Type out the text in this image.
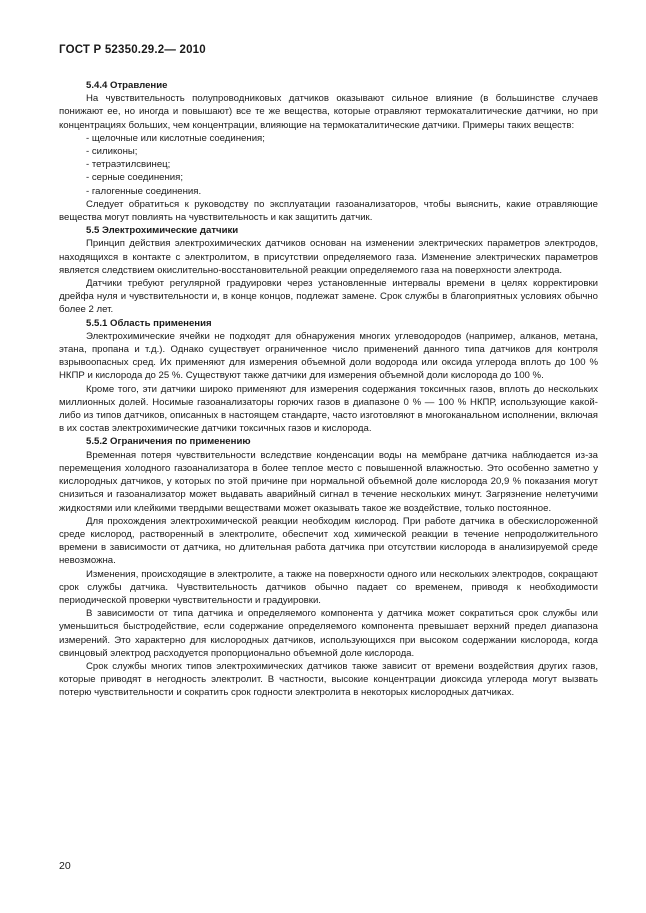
ГОСТ Р 52350.29.2— 2010
5.4.4 Отравление

На чувствительность полупроводниковых датчиков оказывают сильное влияние (в большинстве случаев понижают ее, но иногда и повышают) все те же вещества, которые отравляют термокаталитические датчики, но при концентрациях больших, чем концентрации, влияющие на термокаталитические датчики. Примеры таких веществ:

- щелочные или кислотные соединения;
- силиконы;
- тетраэтилсвинец;
- серные соединения;
- галогенные соединения.

Следует обратиться к руководству по эксплуатации газоанализаторов, чтобы выяснить, какие отравляющие вещества могут повлиять на чувствительность и как защитить датчик.

5.5 Электрохимические датчики

Принцип действия электрохимических датчиков основан на изменении электрических параметров электродов, находящихся в контакте с электролитом, в присутствии определяемого газа. Изменение электрических параметров является следствием окислительно-восстановительной реакции определяемого газа на поверхности электрода.

Датчики требуют регулярной градуировки через установленные интервалы времени в целях корректировки дрейфа нуля и чувствительности и, в конце концов, подлежат замене. Срок службы в благоприятных условиях обычно более 2 лет.

5.5.1 Область применения

Электрохимические ячейки не подходят для обнаружения многих углеводородов (например, алканов, метана, этана, пропана и т.д.). Однако существует ограниченное число применений данного типа датчиков для контроля взрывоопасных сред. Их применяют для измерения объемной доли водорода или оксида углерода вплоть до 100 % НКПР и кислорода до 25 %. Существуют также датчики для измерения объемной доли кислорода до 100 %.

Кроме того, эти датчики широко применяют для измерения содержания токсичных газов, вплоть до нескольких миллионных долей. Носимые газоанализаторы горючих газов в диапазоне 0 % — 100 % НКПР, использующие какой-либо из типов датчиков, описанных в настоящем стандарте, часто изготовляют в многоканальном исполнении, включая в их состав электрохимические датчики токсичных газов и кислорода.

5.5.2 Ограничения по применению

Временная потеря чувствительности вследствие конденсации воды на мембране датчика наблюдается из-за перемещения холодного газоанализатора в более теплое место с повышенной влажностью. Это особенно заметно у кислородных датчиков, у которых по этой причине при нормальной объемной доле кислорода 20,9 % показания могут снизиться и газоанализатор может выдавать аварийный сигнал в течение нескольких минут. Загрязнение нелетучими жидкостями или клейкими твердыми веществами может оказывать такое же воздействие, только постоянное.

Для прохождения электрохимической реакции необходим кислород. При работе датчика в обескислороженной среде кислород, растворенный в электролите, обеспечит ход химической реакции в течение непродолжительного времени в зависимости от датчика, но длительная работа датчика при отсутствии кислорода в анализируемой среде невозможна.

Изменения, происходящие в электролите, а также на поверхности одного или нескольких электродов, сокращают срок службы датчика. Чувствительность датчиков обычно падает со временем, приводя к необходимости периодической проверки чувствительности и градуировки.

В зависимости от типа датчика и определяемого компонента у датчика может сократиться срок службы или уменьшиться быстродействие, если содержание определяемого компонента превышает верхний предел диапазона измерений. Это характерно для кислородных датчиков, использующихся при высоком содержании кислорода, когда свинцовый электрод расходуется пропорционально объемной доле кислорода.

Срок службы многих типов электрохимических датчиков также зависит от времени воздействия других газов, которые приводят в негодность электролит. В частности, высокие концентрации диоксида углерода могут вызвать потерю чувствительности и сократить срок годности электролита в некоторых кислородных датчиках.

20
